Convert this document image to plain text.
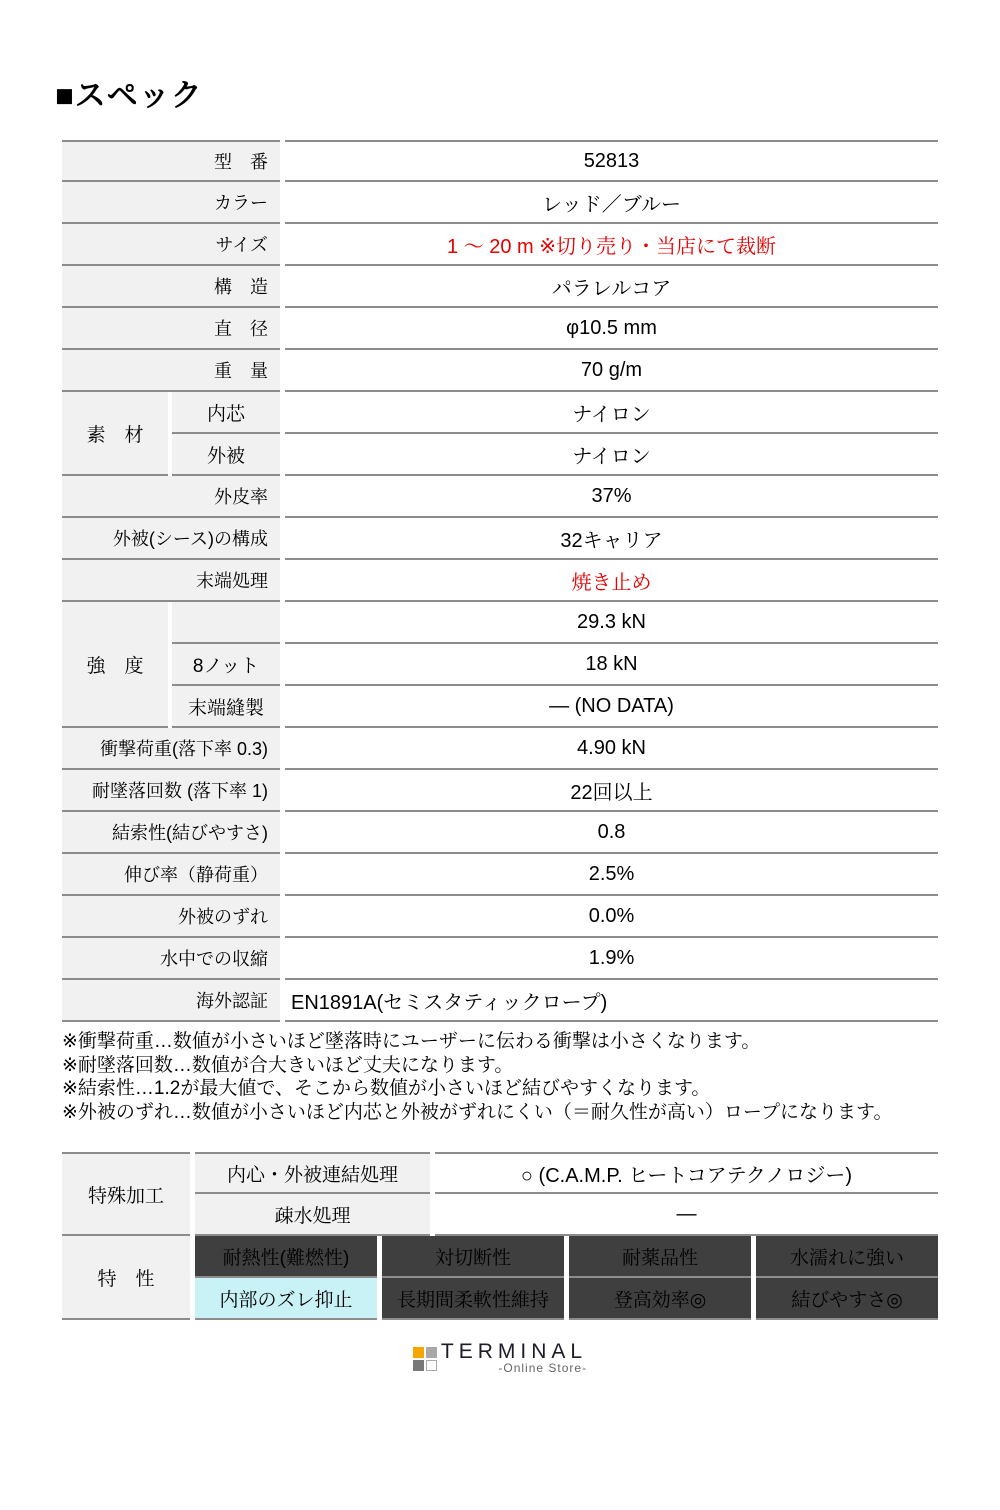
■スペック
型　番	52813
カラー	レッド／ブルー
サイズ	1 ～ 20 m ※切り売り・当店にて裁断
構　造	パラレルコア
直　径	φ10.5 mm
重　量	70 g/m
素　材
内芯	ナイロン
外被	ナイロン
外皮率	37%
外被(シース)の構成	32キャリア
末端処理	焼き止め
強　度
29.3 kN
8ノット	18 kN
末端縫製	― (NO DATA)
衝撃荷重(落下率 0.3)	4.90 kN
耐墜落回数 (落下率 1)	22回以上
結索性(結びやすさ)	0.8
伸び率（静荷重）	2.5%
外被のずれ	0.0%
水中での収縮	1.9%
海外認証	EN1891A(セミスタティックロープ)
※衝撃荷重…数値が小さいほど墜落時にユーザーに伝わる衝撃は小さくなります。
※耐墜落回数…数値が合大きいほど丈夫になります。
※結索性…1.2が最大値で、そこから数値が小さいほど結びやすくなります。
※外被のずれ…数値が小さいほど内芯と外被がずれにくい（＝耐久性が高い）ロープになります。
特殊加工
内心・外被連結処理	○ (C.A.M.P. ヒートコアテクノロジー)
疎水処理	―
特　性
耐熱性(難燃性)	対切断性	耐薬品性	水濡れに強い
内部のズレ抑止	長期間柔軟性維持	登高効率◎	結びやすさ◎
TERMINAL
-Online Store-
